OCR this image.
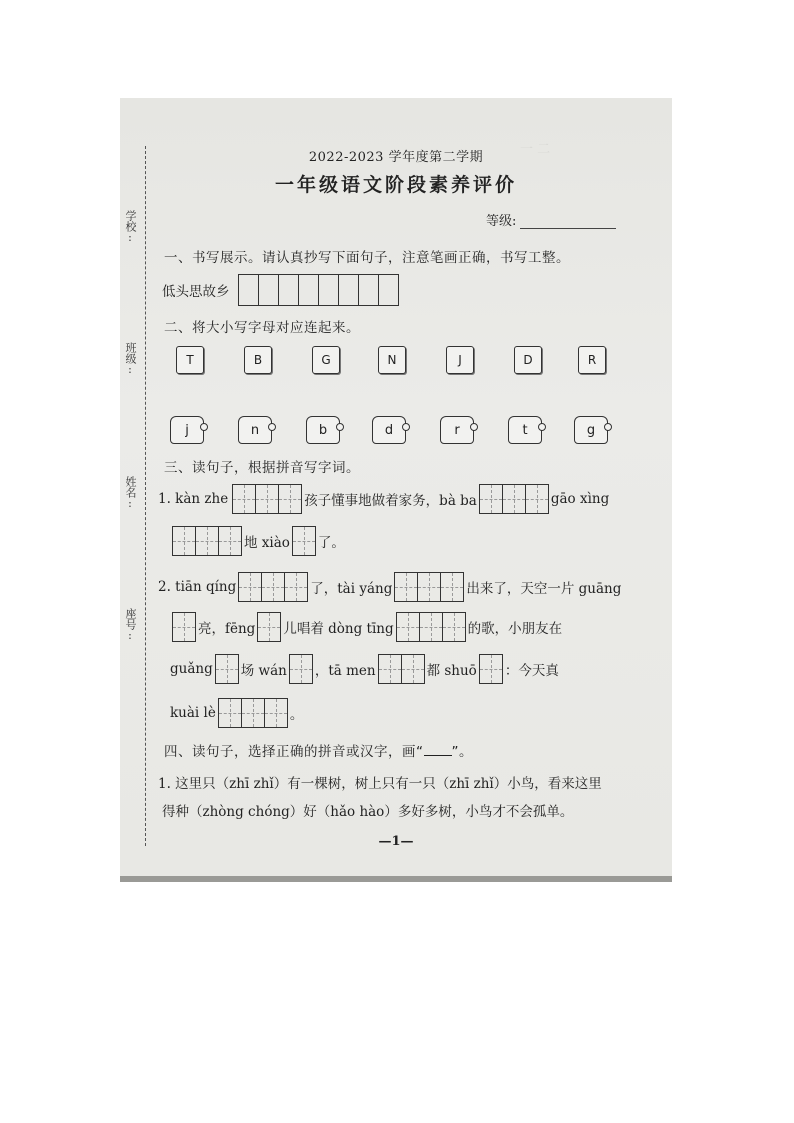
一 二
学校:
班级:
姓名:
座号:
2022-2023 学年度第二学期
一年级语文阶段素养评价
等级:
一、书写展示。请认真抄写下面句子，注意笔画正确，书写工整。
低头思故乡
二、将大小写字母对应连起来。
T	B	G	N	J	D	R
j	n	b	d	r	t	g
三、读句子，根据拼音写字词。
1. kàn zhe	孩子懂事地做着家务，bà ba	gāo xìng
地 xiào 了。
2. tiān qíng	了，tài yáng	出来了，天空一片 guāng
亮，fēng 儿唱着 dòng tīng	的歌，小朋友在
guǎng 场 wán ，tā men	都 shuō ：今天真
kuài lè	。
四、读句子，选择正确的拼音或汉字，画“ ”。
1. 这里只（zhī zhǐ）有一棵树，树上只有一只（zhī zhǐ）小鸟，看来这里
得种（zhòng chóng）好（hǎo hào）多好多树，小鸟才不会孤单。
—1—
